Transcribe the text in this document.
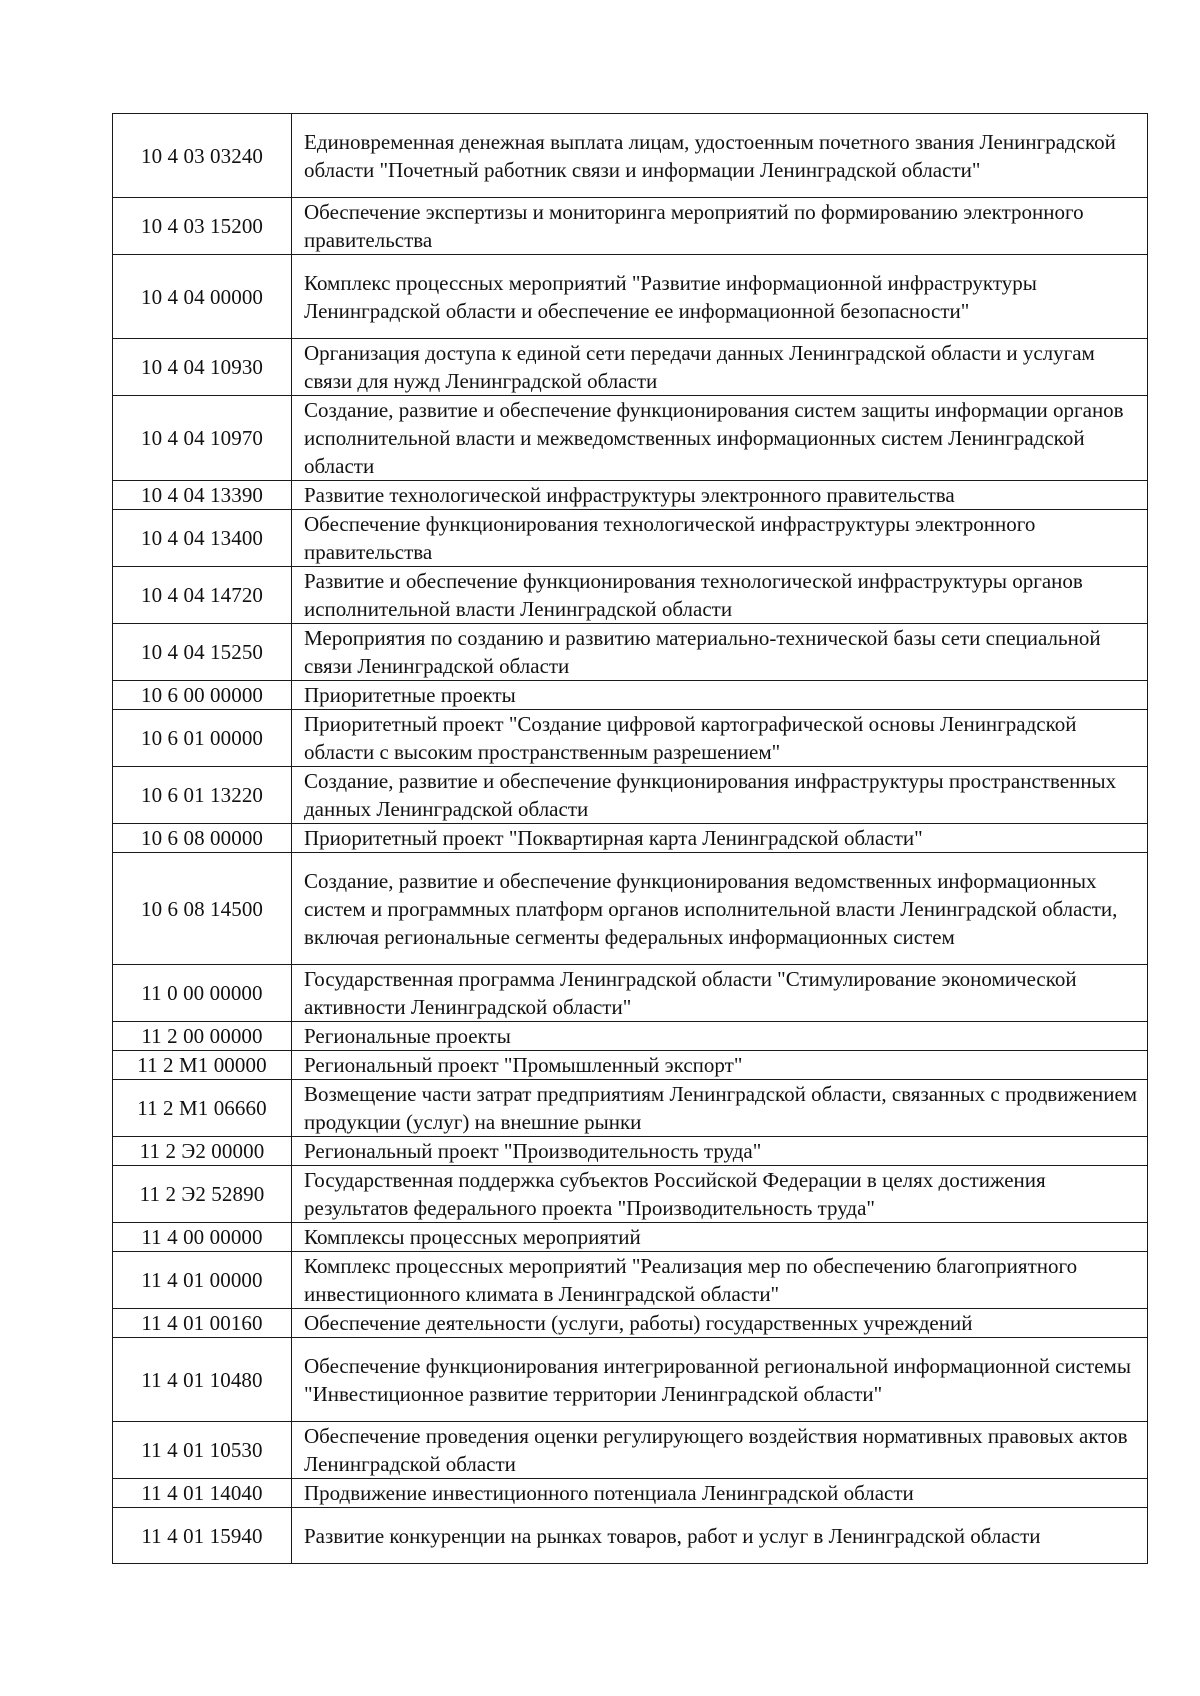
10 4 03 03240	Единовременная денежная выплата лицам, удостоенным почетного звания Ленинградской области "Почетный работник связи и информации Ленинградской области"
10 4 03 15200	Обеспечение экспертизы и мониторинга мероприятий по формированию электронного правительства
10 4 04 00000	Комплекс процессных мероприятий "Развитие информационной инфраструктуры Ленинградской области и обеспечение ее информационной безопасности"
10 4 04 10930	Организация доступа к единой сети передачи данных Ленинградской области и услугам связи для нужд Ленинградской области
10 4 04 10970	Создание, развитие и обеспечение функционирования систем защиты информации органов исполнительной власти и межведомственных информационных систем Ленинградской области
10 4 04 13390	Развитие технологической инфраструктуры электронного правительства
10 4 04 13400	Обеспечение функционирования технологической инфраструктуры электронного правительства
10 4 04 14720	Развитие и обеспечение функционирования технологической инфраструктуры органов исполнительной власти Ленинградской области
10 4 04 15250	Мероприятия по созданию и развитию материально-технической базы сети специальной связи Ленинградской области
10 6 00 00000	Приоритетные проекты
10 6 01 00000	Приоритетный проект "Создание цифровой картографической основы Ленинградской области с высоким пространственным разрешением"
10 6 01 13220	Создание, развитие и обеспечение функционирования инфраструктуры пространственных данных Ленинградской области
10 6 08 00000	Приоритетный проект "Поквартирная карта Ленинградской области"
10 6 08 14500	Создание, развитие и обеспечение функционирования ведомственных информационных систем и программных платформ органов исполнительной власти Ленинградской области, включая региональные сегменты федеральных информационных систем
11 0 00 00000	Государственная программа Ленинградской области "Стимулирование экономической активности Ленинградской области"
11 2 00 00000	Региональные проекты
11 2 M1 00000	Региональный проект "Промышленный экспорт"
11 2 M1 06660	Возмещение части затрат предприятиям Ленинградской области, связанных с продвижением продукции (услуг) на внешние рынки
11 2 Э2 00000	Региональный проект "Производительность труда"
11 2 Э2 52890	Государственная поддержка субъектов Российской Федерации в целях достижения результатов федерального проекта "Производительность труда"
11 4 00 00000	Комплексы процессных мероприятий
11 4 01 00000	Комплекс процессных мероприятий "Реализация мер по обеспечению благоприятного инвестиционного климата в Ленинградской области"
11 4 01 00160	Обеспечение деятельности (услуги, работы) государственных учреждений
11 4 01 10480	Обеспечение функционирования интегрированной региональной информационной системы "Инвестиционное развитие территории Ленинградской области"
11 4 01 10530	Обеспечение проведения оценки регулирующего воздействия нормативных правовых актов Ленинградской области
11 4 01 14040	Продвижение инвестиционного потенциала Ленинградской области
11 4 01 15940	Развитие конкуренции на рынках товаров, работ и услуг в Ленинградской области
